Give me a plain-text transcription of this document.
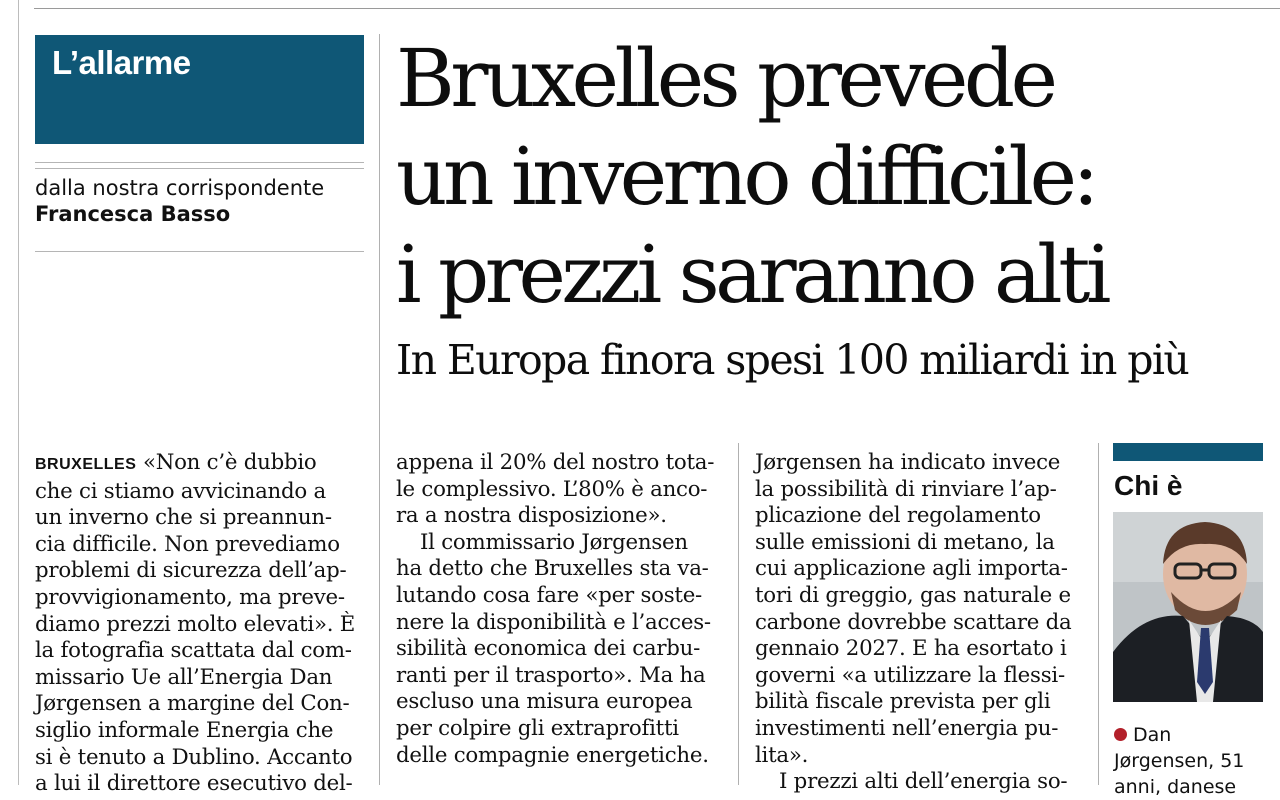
L’allarme
dalla nostra corrispondente
Francesca Basso
Bruxelles prevede
un inverno difficile:
i prezzi saranno alti
In Europa finora spesi 100 miliardi in più
BRUXELLES «Non c’è dubbio
che ci stiamo avvicinando a
un inverno che si preannun-
cia difficile. Non prevediamo
problemi di sicurezza dell’ap-
provvigionamento, ma preve-
diamo prezzi molto elevati». È
la fotografia scattata dal com-
missario Ue all’Energia Dan
Jørgensen a margine del Con-
siglio informale Energia che
si è tenuto a Dublino. Accanto
a lui il direttore esecutivo del-
appena il 20% del nostro tota-
le complessivo. L’80% è anco-
ra a nostra disposizione».
Il commissario Jørgensen
ha detto che Bruxelles sta va-
lutando cosa fare «per soste-
nere la disponibilità e l’acces-
sibilità economica dei carbu-
ranti per il trasporto». Ma ha
escluso una misura europea
per colpire gli extraprofitti
delle compagnie energetiche.
Jørgensen ha indicato invece
la possibilità di rinviare l’ap-
plicazione del regolamento
sulle emissioni di metano, la
cui applicazione agli importa-
tori di greggio, gas naturale e
carbone dovrebbe scattare da
gennaio 2027. E ha esortato i
governi «a utilizzare la flessi-
bilità fiscale prevista per gli
investimenti nell’energia pu-
lita».
I prezzi alti dell’energia so-
Chi è
Dan
Jørgensen, 51
anni, danese
